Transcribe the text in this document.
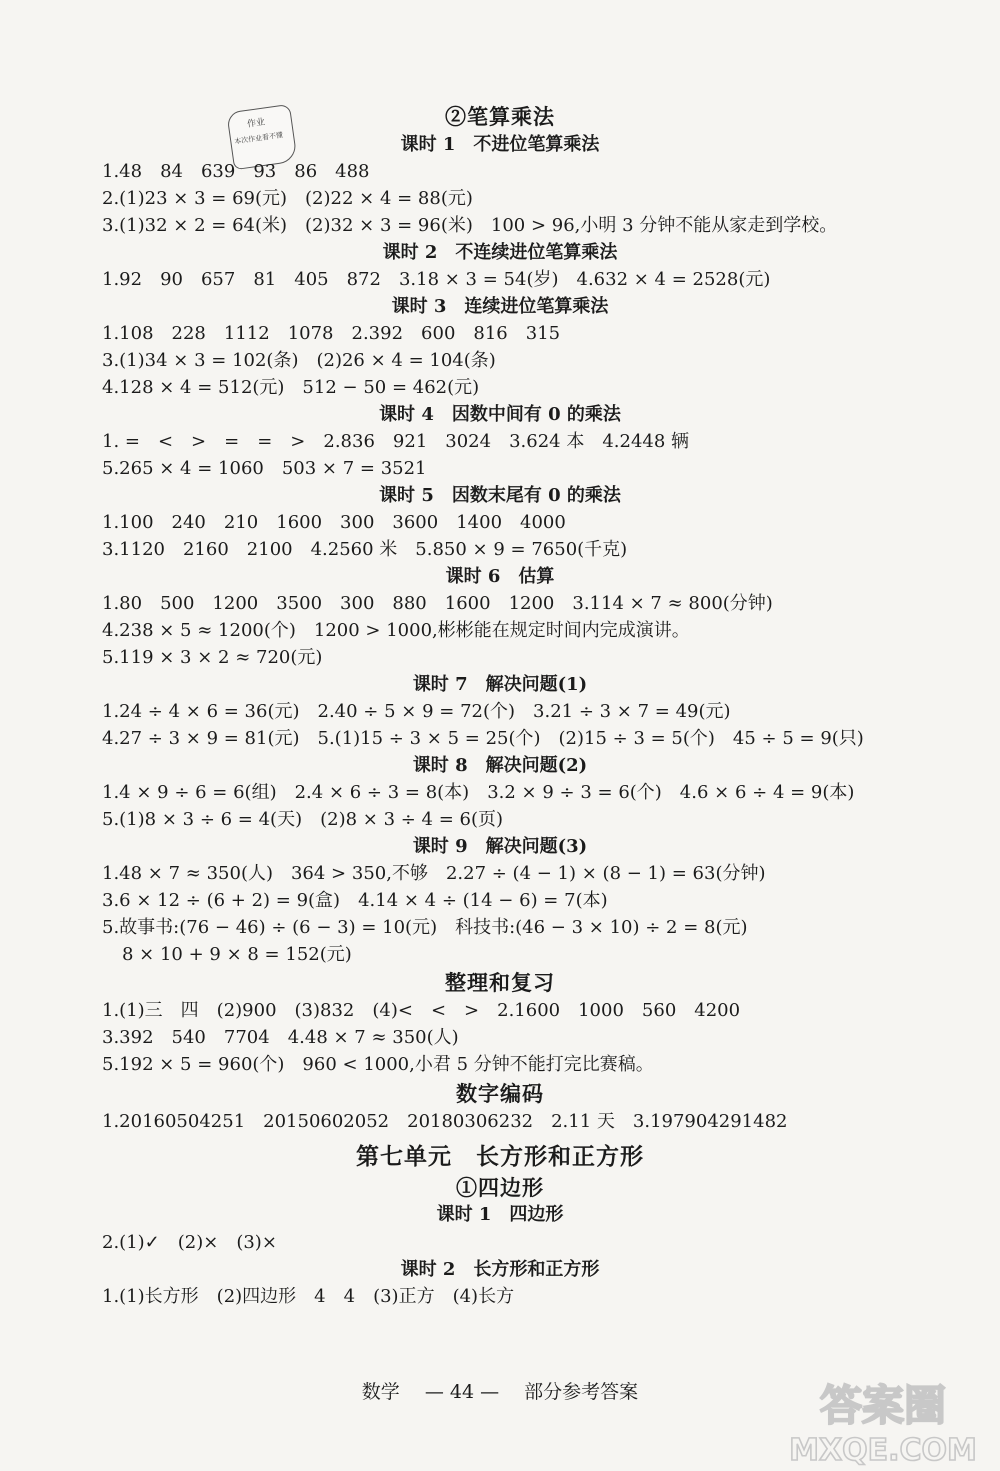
作业
本次作业看不懂
②笔算乘法
课时 1　不进位笔算乘法
1.48　84　639　93　86　488
2.(1)23 × 3 = 69(元)　(2)22 × 4 = 88(元)
3.(1)32 × 2 = 64(米)　(2)32 × 3 = 96(米)　100 > 96,小明 3 分钟不能从家走到学校。
课时 2　不连续进位笔算乘法
1.92　90　657　81　405　872　3.18 × 3 = 54(岁)　4.632 × 4 = 2528(元)
课时 3　连续进位笔算乘法
1.108　228　1112　1078　2.392　600　816　315
3.(1)34 × 3 = 102(条)　(2)26 × 4 = 104(条)
4.128 × 4 = 512(元)　512 − 50 = 462(元)
课时 4　因数中间有 0 的乘法
1. =　<　>　=　=　>　2.836　921　3024　3.624 本　4.2448 辆
5.265 × 4 = 1060　503 × 7 = 3521
课时 5　因数末尾有 0 的乘法
1.100　240　210　1600　300　3600　1400　4000
3.1120　2160　2100　4.2560 米　5.850 × 9 = 7650(千克)
课时 6　估算
1.80　500　1200　3500　300　880　1600　1200　3.114 × 7 ≈ 800(分钟)
4.238 × 5 ≈ 1200(个)　1200 > 1000,彬彬能在规定时间内完成演讲。
5.119 × 3 × 2 ≈ 720(元)
课时 7　解决问题(1)
1.24 ÷ 4 × 6 = 36(元)　2.40 ÷ 5 × 9 = 72(个)　3.21 ÷ 3 × 7 = 49(元)
4.27 ÷ 3 × 9 = 81(元)　5.(1)15 ÷ 3 × 5 = 25(个)　(2)15 ÷ 3 = 5(个)　45 ÷ 5 = 9(只)
课时 8　解决问题(2)
1.4 × 9 ÷ 6 = 6(组)　2.4 × 6 ÷ 3 = 8(本)　3.2 × 9 ÷ 3 = 6(个)　4.6 × 6 ÷ 4 = 9(本)
5.(1)8 × 3 ÷ 6 = 4(天)　(2)8 × 3 ÷ 4 = 6(页)
课时 9　解决问题(3)
1.48 × 7 ≈ 350(人)　364 > 350,不够　2.27 ÷ (4 − 1) × (8 − 1) = 63(分钟)
3.6 × 12 ÷ (6 + 2) = 9(盒)　4.14 × 4 ÷ (14 − 6) = 7(本)
5.故事书:(76 − 46) ÷ (6 − 3) = 10(元)　科技书:(46 − 3 × 10) ÷ 2 = 8(元)
8 × 10 + 9 × 8 = 152(元)
整理和复习
1.(1)三　四　(2)900　(3)832　(4)<　<　>　2.1600　1000　560　4200
3.392　540　7704　4.48 × 7 ≈ 350(人)
5.192 × 5 = 960(个)　960 < 1000,小君 5 分钟不能打完比赛稿。
数字编码
1.20160504251　20150602052　20180306232　2.11 天　3.197904291482
第七单元　长方形和正方形
①四边形
课时 1　四边形
2.(1)✓　(2)×　(3)×
课时 2　长方形和正方形
1.(1)长方形　(2)四边形　4　4　(3)正方　(4)长方
数学　 — 44 —　 部分参考答案	答案圈
MXQE.COM
